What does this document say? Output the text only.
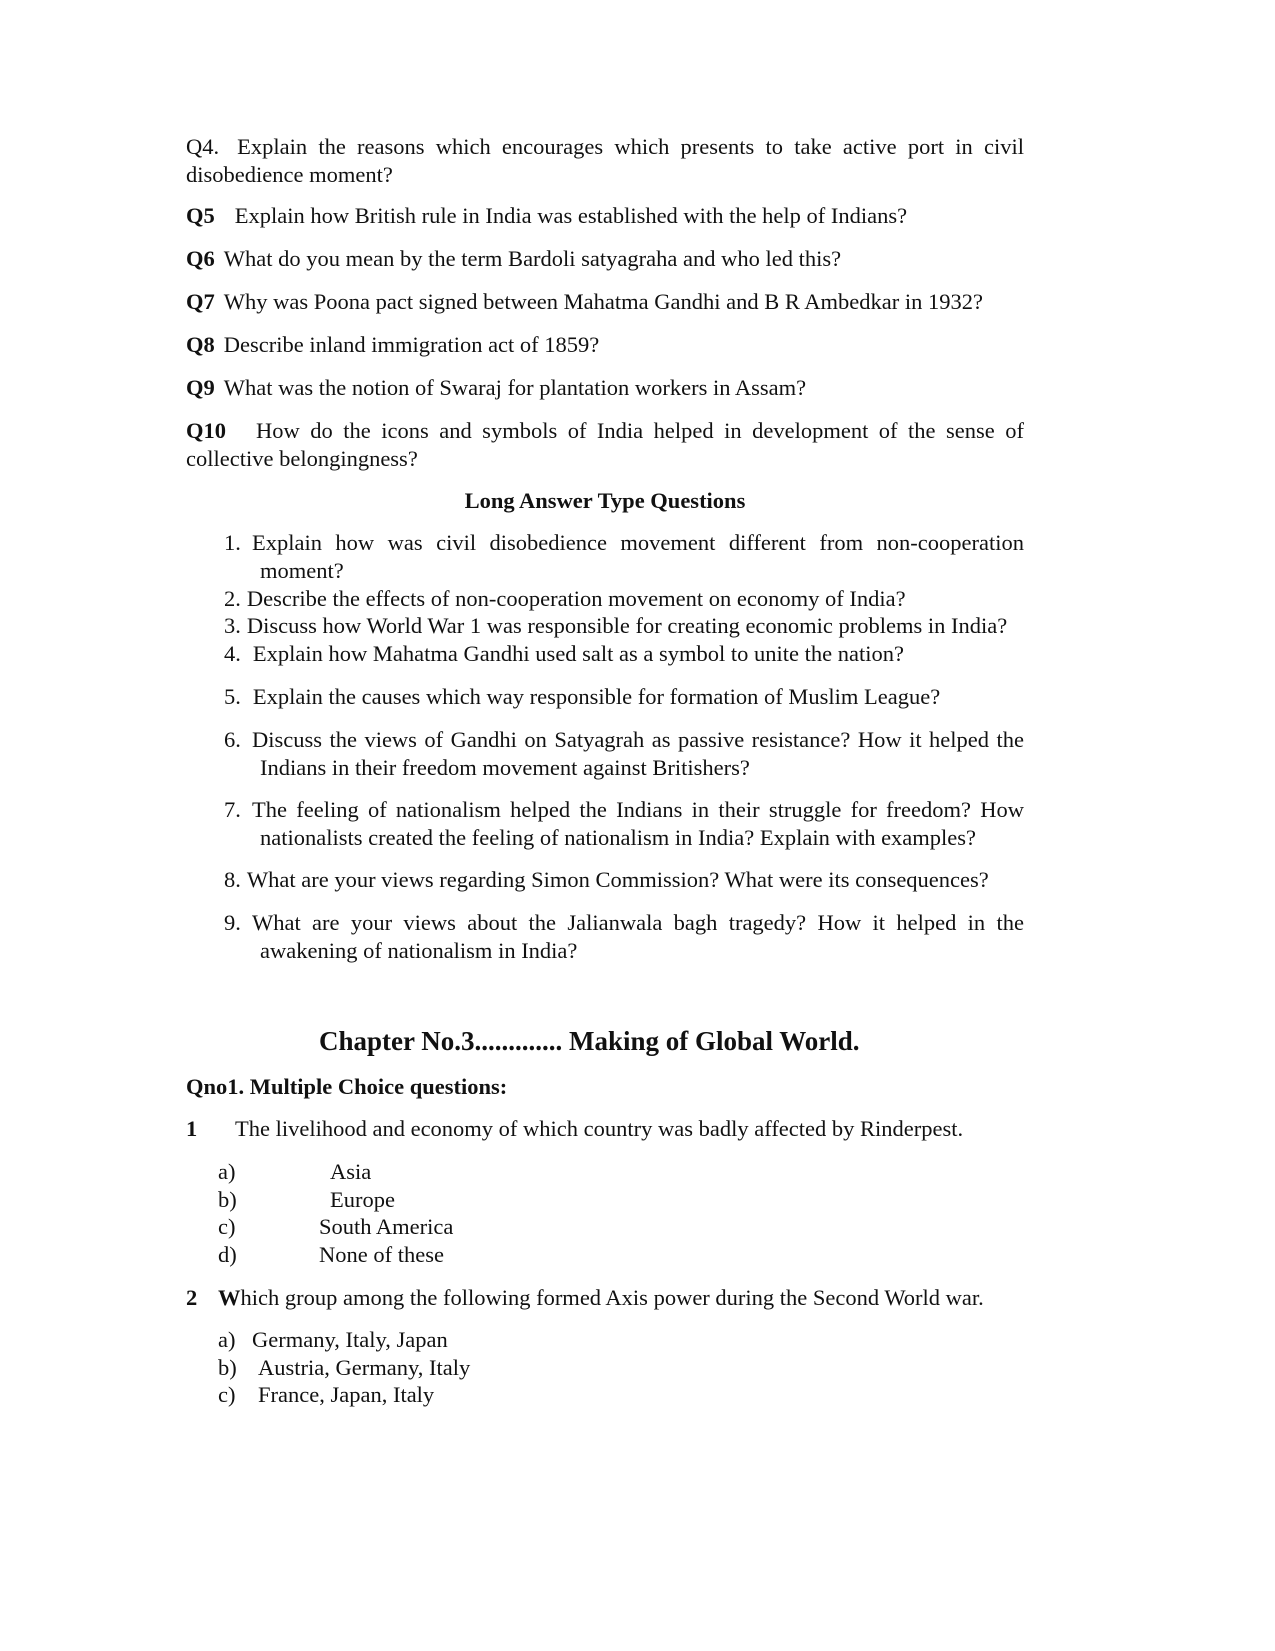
Q4. Explain the reasons which encourages which presents to take active port in civil
disobedience moment?
Q5 Explain how British rule in India was established with the help of Indians?
Q6 What do you mean by the term Bardoli satyagraha and who led this?
Q7 Why was Poona pact signed between Mahatma Gandhi and B R Ambedkar in 1932?
Q8 Describe inland immigration act of 1859?
Q9 What was the notion of Swaraj for plantation workers in Assam?
Q10 How do the icons and symbols of India helped in development of the sense of
collective belongingness?
Long Answer Type Questions
1. Explain how was civil disobedience movement different from non-cooperation
moment?
2. Describe the effects of non-cooperation movement on economy of India?
3. Discuss how World War 1 was responsible for creating economic problems in India?
4. Explain how Mahatma Gandhi used salt as a symbol to unite the nation?
5. Explain the causes which way responsible for formation of Muslim League?
6. Discuss the views of Gandhi on Satyagrah as passive resistance? How it helped the
Indians in their freedom movement against Britishers?
7. The feeling of nationalism helped the Indians in their struggle for freedom? How
nationalists created the feeling of nationalism in India? Explain with examples?
8. What are your views regarding Simon Commission? What were its consequences?
9. What are your views about the Jalianwala bagh tragedy? How it helped in the
awakening of nationalism in India?
Chapter No.3............. Making of Global World.
Qno1. Multiple Choice questions:
1 The livelihood and economy of which country was badly affected by Rinderpest.
a)	Asia
b)	Europe
c)	South America
d)	None of these
2 Which group among the following formed Axis power during the Second World war.
a) Germany, Italy, Japan
b) Austria, Germany, Italy
c) France, Japan, Italy
